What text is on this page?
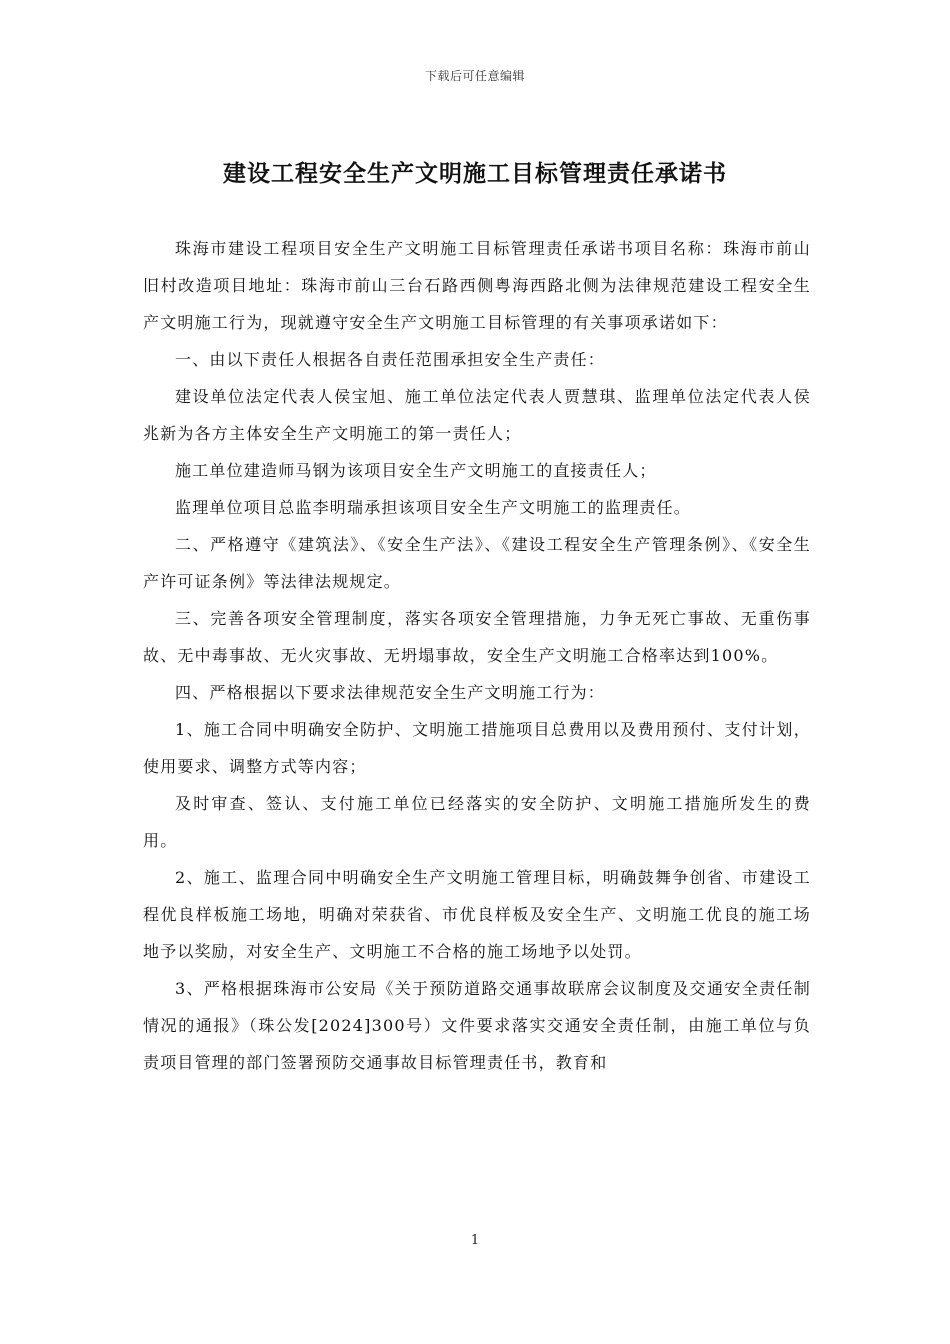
下载后可任意编辑
建设工程安全生产文明施工目标管理责任承诺书

珠海市建设工程项目安全生产文明施工目标管理责任承诺书项目名称：珠海市前山旧村改造项目地址：珠海市前山三台石路西侧粤海西路北侧为法律规范建设工程安全生产文明施工行为，现就遵守安全生产文明施工目标管理的有关事项承诺如下：

一、由以下责任人根据各自责任范围承担安全生产责任：

建设单位法定代表人侯宝旭、施工单位法定代表人贾慧琪、监理单位法定代表人侯兆新为各方主体安全生产文明施工的第一责任人；

施工单位建造师马钢为该项目安全生产文明施工的直接责任人；

监理单位项目总监李明瑞承担该项目安全生产文明施工的监理责任。

二、严格遵守《建筑法》、《安全生产法》、《建设工程安全生产管理条例》、《安全生产许可证条例》等法律法规规定。

三、完善各项安全管理制度，落实各项安全管理措施，力争无死亡事故、无重伤事故、无中毒事故、无火灾事故、无坍塌事故，安全生产文明施工合格率达到100%。

四、严格根据以下要求法律规范安全生产文明施工行为：

1、施工合同中明确安全防护、文明施工措施项目总费用以及费用预付、支付计划，使用要求、调整方式等内容；

及时审查、签认、支付施工单位已经落实的安全防护、文明施工措施所发生的费用。

2、施工、监理合同中明确安全生产文明施工管理目标，明确鼓舞争创省、市建设工程优良样板施工场地，明确对荣获省、市优良样板及安全生产、文明施工优良的施工场地予以奖励，对安全生产、文明施工不合格的施工场地予以处罚。

3、严格根据珠海市公安局《关于预防道路交通事故联席会议制度及交通安全责任制情况的通报》（珠公发[2024]300号）文件要求落实交通安全责任制，由施工单位与负责项目管理的部门签署预防交通事故目标管理责任书，教育和

1
